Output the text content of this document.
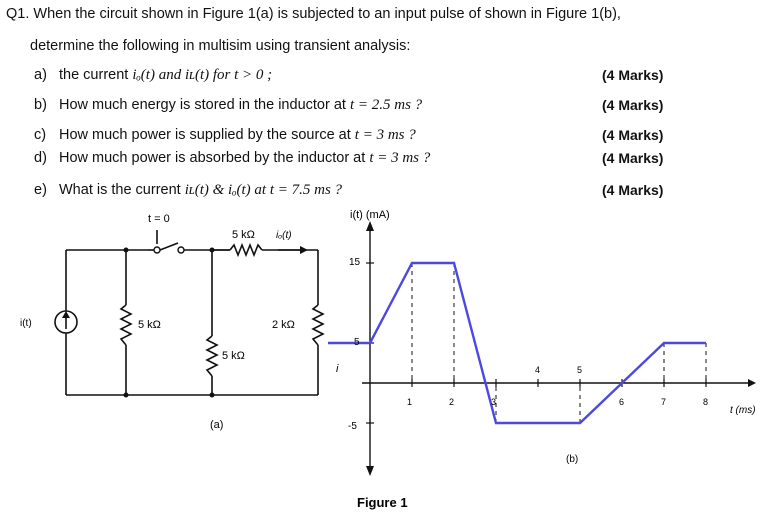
Q1. When the circuit shown in Figure 1(a) is subjected to an input pulse of shown in Figure 1(b),
determine the following in multisim using transient analysis:
a) the current iₒ(t) and iʟ(t) for t > 0 ;	(4 Marks)
b) How much energy is stored in the inductor at t = 2.5 ms ?	(4 Marks)
c) How much power is supplied by the source at t = 3 ms ?	(4 Marks)
d) How much power is absorbed by the inductor at t = 3 ms ?	(4 Marks)
e) What is the current iʟ(t) & iₒ(t) at t = 7.5 ms ?	(4 Marks)
t = 0
i(t)	5 kΩ
5 kΩ iₒ(t)
5 kΩ
2 kΩ
i
(a)
i(t) (mA)
t (ms)
15
5
-5
1	2	3	6	7	8
4	5
(b)
Figure 1
